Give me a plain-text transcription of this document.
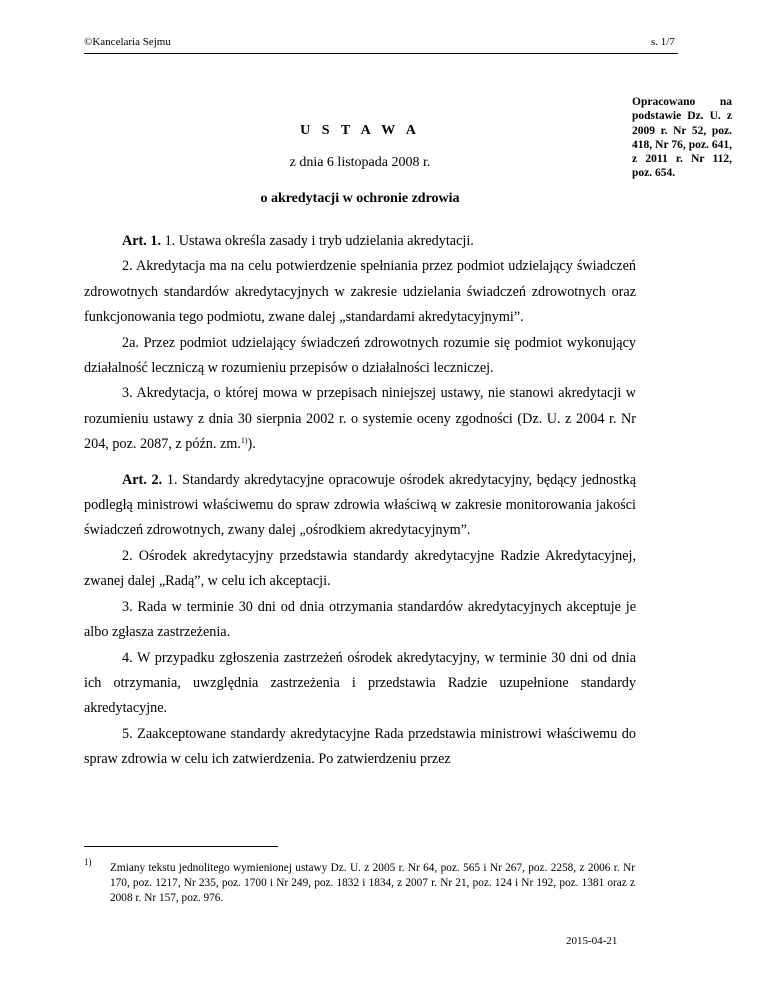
©Kancelaria Sejmu	s. 1/7
Opracowano na podstawie Dz. U. z 2009 r. Nr 52, poz. 418, Nr 76, poz. 641, z 2011 r. Nr 112, poz. 654.
U S T A W A
z dnia 6 listopada 2008 r.
o akredytacji w ochronie zdrowia

Art. 1. 1. Ustawa określa zasady i tryb udzielania akredytacji.

2. Akredytacja ma na celu potwierdzenie spełniania przez podmiot udzielający świadczeń zdrowotnych standardów akredytacyjnych w zakresie udzielania świadczeń zdrowotnych oraz funkcjonowania tego podmiotu, zwane dalej „standardami akredytacyjnymi”.

2a. Przez podmiot udzielający świadczeń zdrowotnych rozumie się podmiot wykonujący działalność leczniczą w rozumieniu przepisów o działalności leczniczej.

3. Akredytacja, o której mowa w przepisach niniejszej ustawy, nie stanowi akredytacji w rozumieniu ustawy z dnia 30 sierpnia 2002 r. o systemie oceny zgodności (Dz. U. z 2004 r. Nr 204, poz. 2087, z późn. zm.$^{1)}$).

Art. 2. 1. Standardy akredytacyjne opracowuje ośrodek akredytacyjny, będący jednostką podległą ministrowi właściwemu do spraw zdrowia właściwą w zakresie monitorowania jakości świadczeń zdrowotnych, zwany dalej „ośrodkiem akredytacyjnym”.

2. Ośrodek akredytacyjny przedstawia standardy akredytacyjne Radzie Akredytacyjnej, zwanej dalej „Radą”, w celu ich akceptacji.

3. Rada w terminie 30 dni od dnia otrzymania standardów akredytacyjnych akceptuje je albo zgłasza zastrzeżenia.

4. W przypadku zgłoszenia zastrzeżeń ośrodek akredytacyjny, w terminie 30 dni od dnia ich otrzymania, uwzględnia zastrzeżenia i przedstawia Radzie uzupełnione standardy akredytacyjne.

5. Zaakceptowane standardy akredytacyjne Rada przedstawia ministrowi właściwemu do spraw zdrowia w celu ich zatwierdzenia. Po zatwierdzeniu przez

1) Zmiany tekstu jednolitego wymienionej ustawy Dz. U. z 2005 r. Nr 64, poz. 565 i Nr 267, poz. 2258, z 2006 r. Nr 170, poz. 1217, Nr 235, poz. 1700 i Nr 249, poz. 1832 i 1834, z 2007 r. Nr 21, poz. 124 i Nr 192, poz. 1381 oraz z 2008 r. Nr 157, poz. 976.
2015-04-21
